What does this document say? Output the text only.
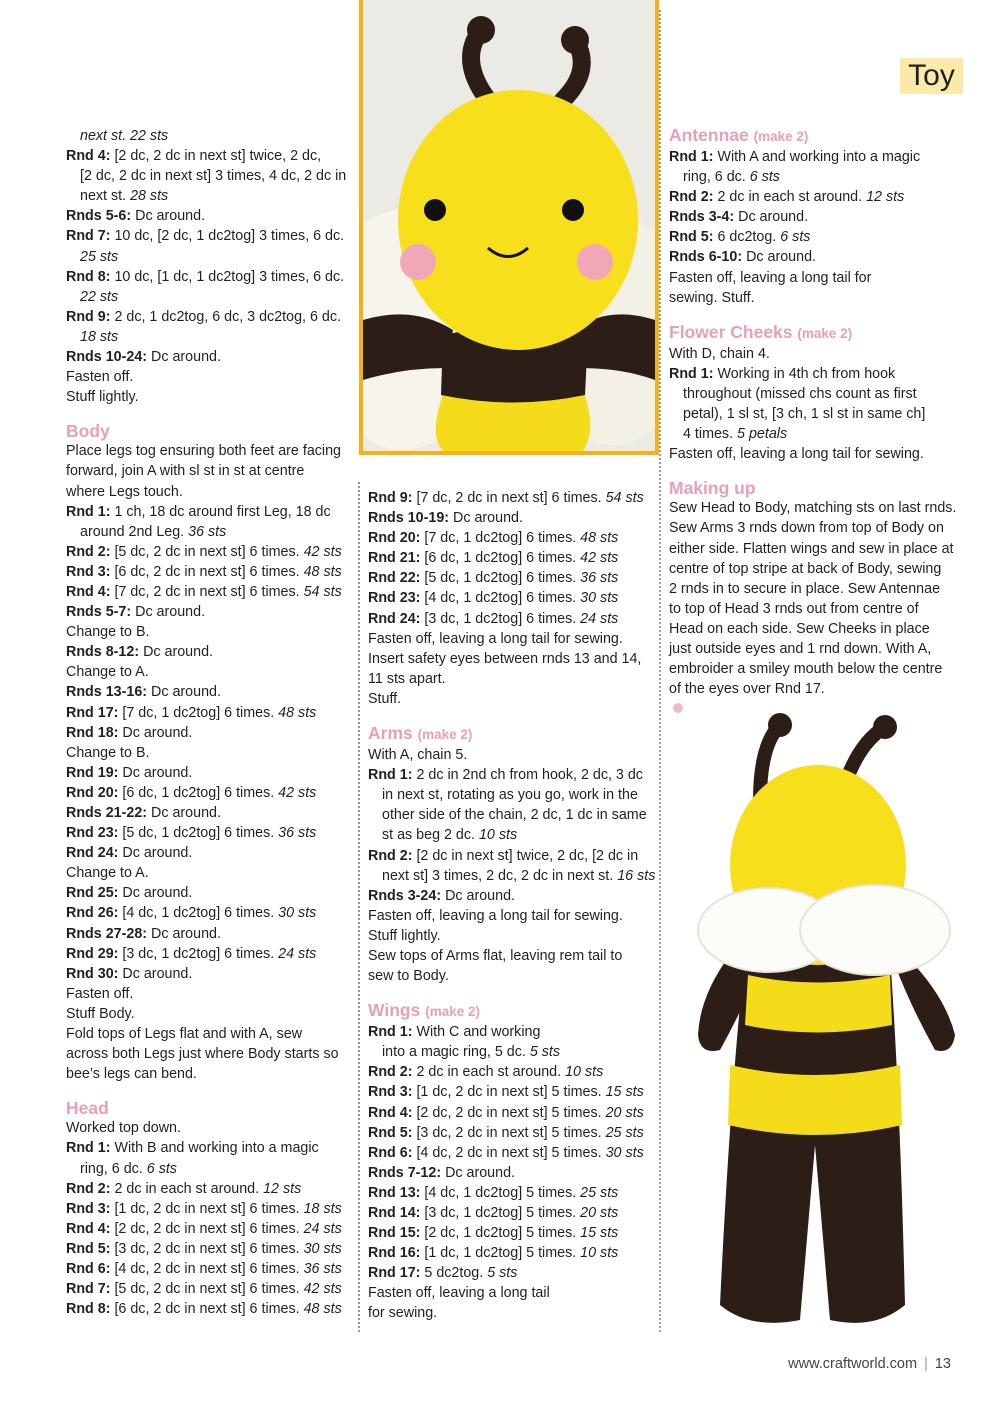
Toy
next st. 22 sts
Rnd 4: [2 dc, 2 dc in next st] twice, 2 dc,
[2 dc, 2 dc in next st] 3 times, 4 dc, 2 dc in
next st. 28 sts
Rnds 5-6: Dc around.
Rnd 7: 10 dc, [2 dc, 1 dc2tog] 3 times, 6 dc.
25 sts
Rnd 8: 10 dc, [1 dc, 1 dc2tog] 3 times, 6 dc.
22 sts
Rnd 9: 2 dc, 1 dc2tog, 6 dc, 3 dc2tog, 6 dc.
18 sts
Rnds 10-24: Dc around.
Fasten off.
Stuff lightly.
Body
Place legs tog ensuring both feet are facing
forward, join A with sl st in st at centre
where Legs touch.
Rnd 1: 1 ch, 18 dc around first Leg, 18 dc
around 2nd Leg. 36 sts
Rnd 2: [5 dc, 2 dc in next st] 6 times. 42 sts
Rnd 3: [6 dc, 2 dc in next st] 6 times. 48 sts
Rnd 4: [7 dc, 2 dc in next st] 6 times. 54 sts
Rnds 5-7: Dc around.
Change to B.
Rnds 8-12: Dc around.
Change to A.
Rnds 13-16: Dc around.
Rnd 17: [7 dc, 1 dc2tog] 6 times. 48 sts
Rnd 18: Dc around.
Change to B.
Rnd 19: Dc around.
Rnd 20: [6 dc, 1 dc2tog] 6 times. 42 sts
Rnds 21-22: Dc around.
Rnd 23: [5 dc, 1 dc2tog] 6 times. 36 sts
Rnd 24: Dc around.
Change to A.
Rnd 25: Dc around.
Rnd 26: [4 dc, 1 dc2tog] 6 times. 30 sts
Rnds 27-28: Dc around.
Rnd 29: [3 dc, 1 dc2tog] 6 times. 24 sts
Rnd 30: Dc around.
Fasten off.
Stuff Body.
Fold tops of Legs flat and with A, sew
across both Legs just where Body starts so
bee’s legs can bend.
Head
Worked top down.
Rnd 1: With B and working into a magic
ring, 6 dc. 6 sts
Rnd 2: 2 dc in each st around. 12 sts
Rnd 3: [1 dc, 2 dc in next st] 6 times. 18 sts
Rnd 4: [2 dc, 2 dc in next st] 6 times. 24 sts
Rnd 5: [3 dc, 2 dc in next st] 6 times. 30 sts
Rnd 6: [4 dc, 2 dc in next st] 6 times. 36 sts
Rnd 7: [5 dc, 2 dc in next st] 6 times. 42 sts
Rnd 8: [6 dc, 2 dc in next st] 6 times. 48 sts
Rnd 9: [7 dc, 2 dc in next st] 6 times. 54 sts
Rnds 10-19: Dc around.
Rnd 20: [7 dc, 1 dc2tog] 6 times. 48 sts
Rnd 21: [6 dc, 1 dc2tog] 6 times. 42 sts
Rnd 22: [5 dc, 1 dc2tog] 6 times. 36 sts
Rnd 23: [4 dc, 1 dc2tog] 6 times. 30 sts
Rnd 24: [3 dc, 1 dc2tog] 6 times. 24 sts
Fasten off, leaving a long tail for sewing.
Insert safety eyes between rnds 13 and 14,
11 sts apart.
Stuff.
Arms (make 2)
With A, chain 5.
Rnd 1: 2 dc in 2nd ch from hook, 2 dc, 3 dc
in next st, rotating as you go, work in the
other side of the chain, 2 dc, 1 dc in same
st as beg 2 dc. 10 sts
Rnd 2: [2 dc in next st] twice, 2 dc, [2 dc in
next st] 3 times, 2 dc, 2 dc in next st. 16 sts
Rnds 3-24: Dc around.
Fasten off, leaving a long tail for sewing.
Stuff lightly.
Sew tops of Arms flat, leaving rem tail to
sew to Body.
Wings (make 2)
Rnd 1: With C and working
into a magic ring, 5 dc. 5 sts
Rnd 2: 2 dc in each st around. 10 sts
Rnd 3: [1 dc, 2 dc in next st] 5 times. 15 sts
Rnd 4: [2 dc, 2 dc in next st] 5 times. 20 sts
Rnd 5: [3 dc, 2 dc in next st] 5 times. 25 sts
Rnd 6: [4 dc, 2 dc in next st] 5 times. 30 sts
Rnds 7-12: Dc around.
Rnd 13: [4 dc, 1 dc2tog] 5 times. 25 sts
Rnd 14: [3 dc, 1 dc2tog] 5 times. 20 sts
Rnd 15: [2 dc, 1 dc2tog] 5 times. 15 sts
Rnd 16: [1 dc, 1 dc2tog] 5 times. 10 sts
Rnd 17: 5 dc2tog. 5 sts
Fasten off, leaving a long tail
for sewing.
Antennae (make 2)
Rnd 1: With A and working into a magic
ring, 6 dc. 6 sts
Rnd 2: 2 dc in each st around. 12 sts
Rnds 3-4: Dc around.
Rnd 5: 6 dc2tog. 6 sts
Rnds 6-10: Dc around.
Fasten off, leaving a long tail for
sewing. Stuff.
Flower Cheeks (make 2)
With D, chain 4.
Rnd 1: Working in 4th ch from hook
throughout (missed chs count as first
petal), 1 sl st, [3 ch, 1 sl st in same ch]
4 times. 5 petals
Fasten off, leaving a long tail for sewing.
Making up
Sew Head to Body, matching sts on last rnds.
Sew Arms 3 rnds down from top of Body on
either side. Flatten wings and sew in place at
centre of top stripe at back of Body, sewing
2 rnds in to secure in place. Sew Antennae
to top of Head 3 rnds out from centre of
Head on each side. Sew Cheeks in place
just outside eyes and 1 rnd down. With A,
embroider a smiley mouth below the centre
of the eyes over Rnd 17.
www.craftworld.com | 13
